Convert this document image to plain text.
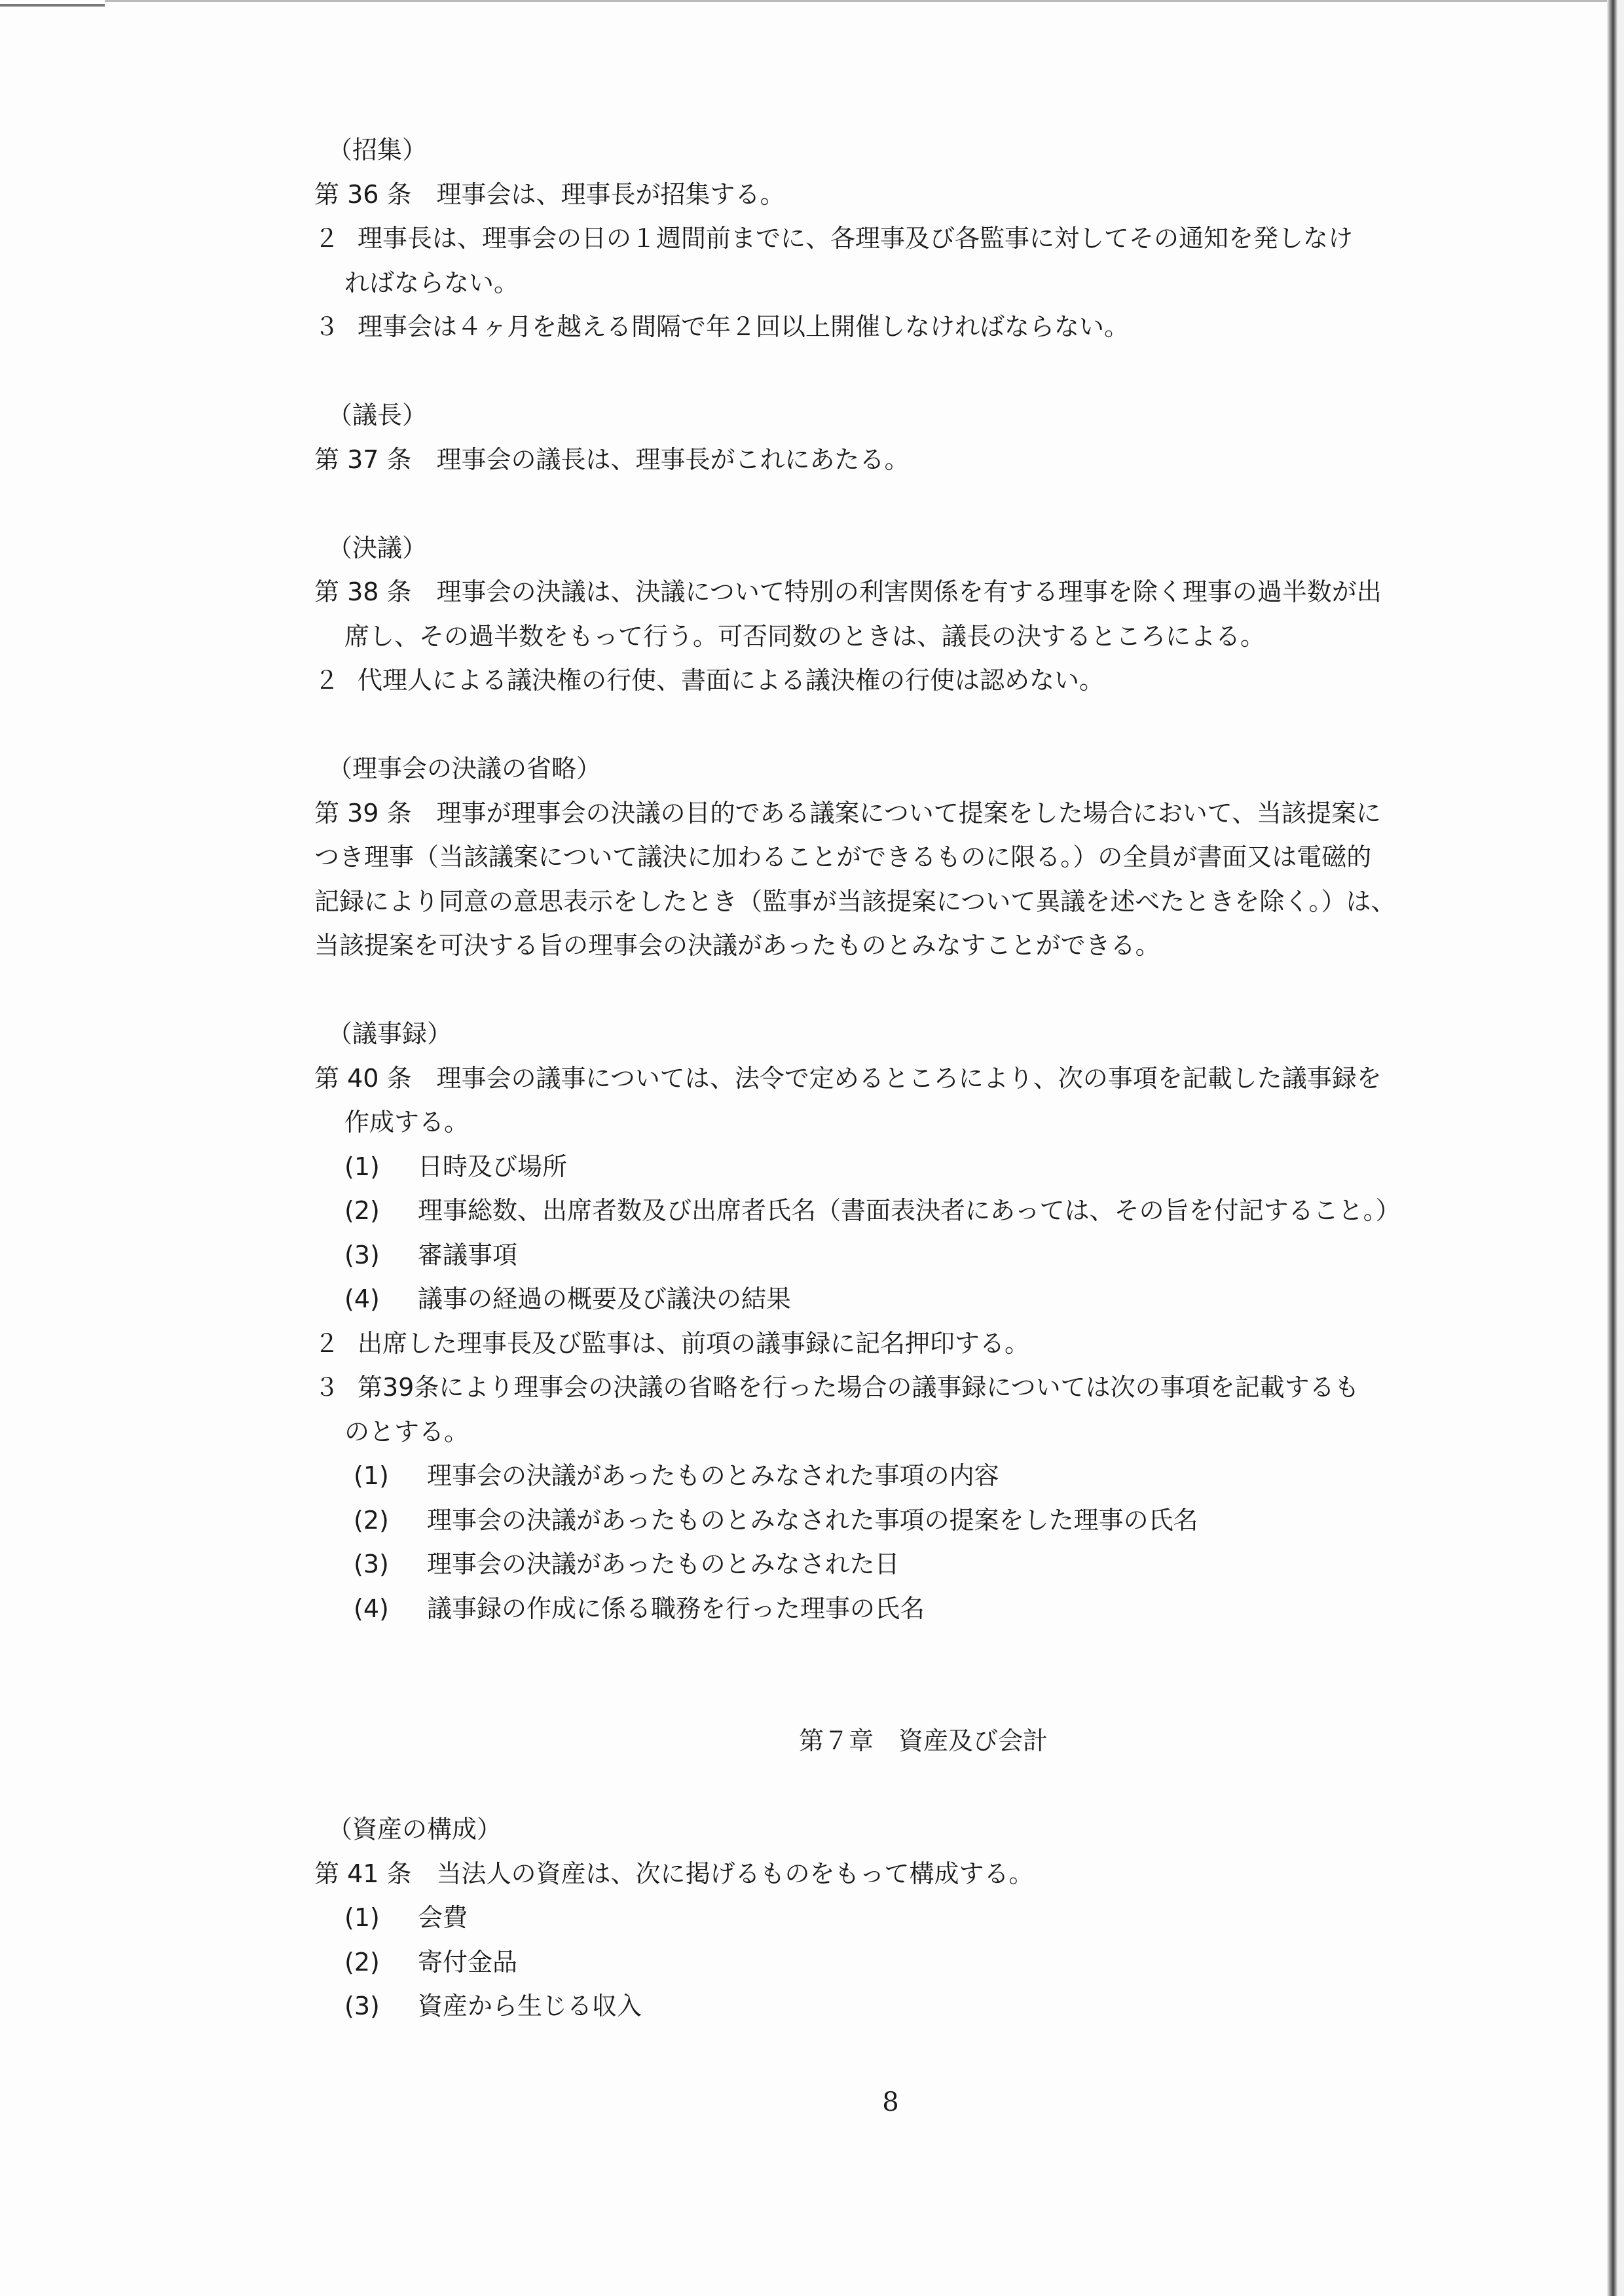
（招集）
第 36 条　理事会は、理事長が招集する。
２ 理事長は、理事会の日の１週間前までに、各理事及び各監事に対してその通知を発しなけ
ればならない。
３ 理事会は４ヶ月を越える間隔で年２回以上開催しなければならない。
（議長）
第 37 条　理事会の議長は、理事長がこれにあたる。
（決議）
第 38 条　理事会の決議は、決議について特別の利害関係を有する理事を除く理事の過半数が出
席し、その過半数をもって行う。可否同数のときは、議長の決するところによる。
２ 代理人による議決権の行使、書面による議決権の行使は認めない。
（理事会の決議の省略）
第 39 条　理事が理事会の決議の目的である議案について提案をした場合において、当該提案に
つき理事（当該議案について議決に加わることができるものに限る。）の全員が書面又は電磁的
記録により同意の意思表示をしたとき（監事が当該提案について異議を述べたときを除く。）は、
当該提案を可決する旨の理事会の決議があったものとみなすことができる。
（議事録）
第 40 条　理事会の議事については、法令で定めるところにより、次の事項を記載した議事録を
作成する。
(1) 日時及び場所
(2) 理事総数、出席者数及び出席者氏名（書面表決者にあっては、その旨を付記すること。）
(3) 審議事項
(4) 議事の経過の概要及び議決の結果
２ 出席した理事長及び監事は、前項の議事録に記名押印する。
３ 第39条により理事会の決議の省略を行った場合の議事録については次の事項を記載するも
のとする。
(1) 理事会の決議があったものとみなされた事項の内容
(2) 理事会の決議があったものとみなされた事項の提案をした理事の氏名
(3) 理事会の決議があったものとみなされた日
(4) 議事録の作成に係る職務を行った理事の氏名
第７章　資産及び会計
（資産の構成）
第 41 条　当法人の資産は、次に掲げるものをもって構成する。
(1) 会費
(2) 寄付金品
(3) 資産から生じる収入
8
